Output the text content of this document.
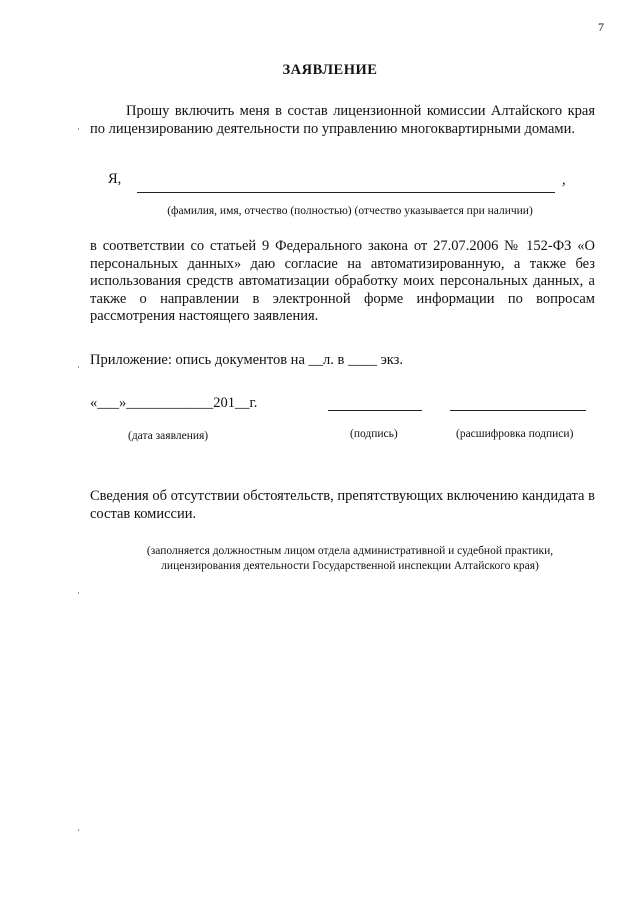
7
ЗАЯВЛЕНИЕ
Прошу включить меня в состав лицензионной комиссии Алтайского края по лицензированию деятельности по управлению многоквартирными домами.
Я,	,
(фамилия, имя, отчество (полностью) (отчество указывается при наличии)
в соответствии со статьей 9 Федерального закона от 27.07.2006 № 152-ФЗ «О персональных данных» даю согласие на автоматизированную, а также без использования средств автоматизации обработку моих персональных данных, а также о направлении в электронной форме информации по вопросам рассмотрения настоящего заявления.
Приложение: опись документов на __л. в ____ экз.
«___»____________201__г.
(дата заявления)	(подпись)	(расшифровка подписи)
Сведения об отсутствии обстоятельств, препятствующих включению кандидата в состав комиссии.
(заполняется должностным лицом отдела административной и судебной практики,
лицензирования деятельности Государственной инспекции Алтайского края)
